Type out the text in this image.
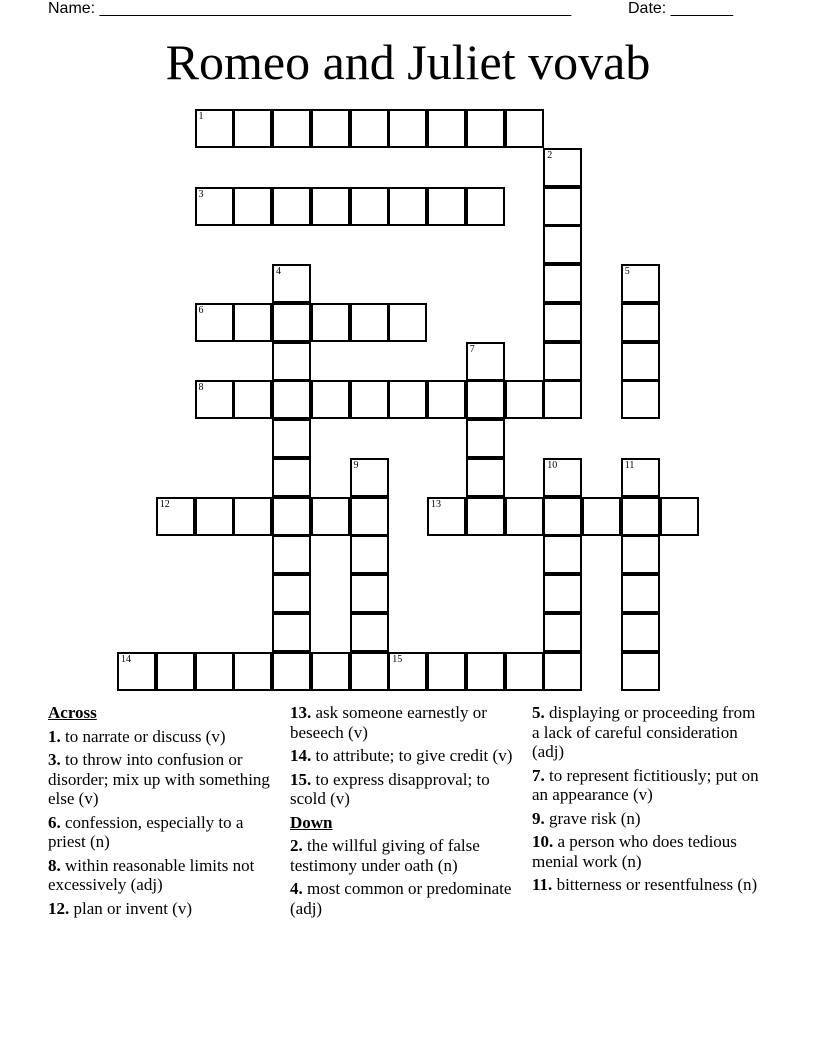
Name: _____________________________________________________	Date: _______
Romeo and Juliet vovab
1
2
3
4	5
6
7
8
9	10	11
12	13
14	15
Across
1. to narrate or discuss (v)
3. to throw into confusion or disorder; mix up with something else (v)
6. confession, especially to a priest (n)
8. within reasonable limits not excessively (adj)
12. plan or invent (v)
13. ask someone earnestly or beseech (v)
14. to attribute; to give credit (v)
15. to express disapproval; to scold (v)
Down
2. the willful giving of false testimony under oath (n)
4. most common or predominate (adj)
5. displaying or proceeding from a lack of careful consideration (adj)
7. to represent fictitiously; put on an appearance (v)
9. grave risk (n)
10. a person who does tedious menial work (n)
11. bitterness or resentfulness (n)
